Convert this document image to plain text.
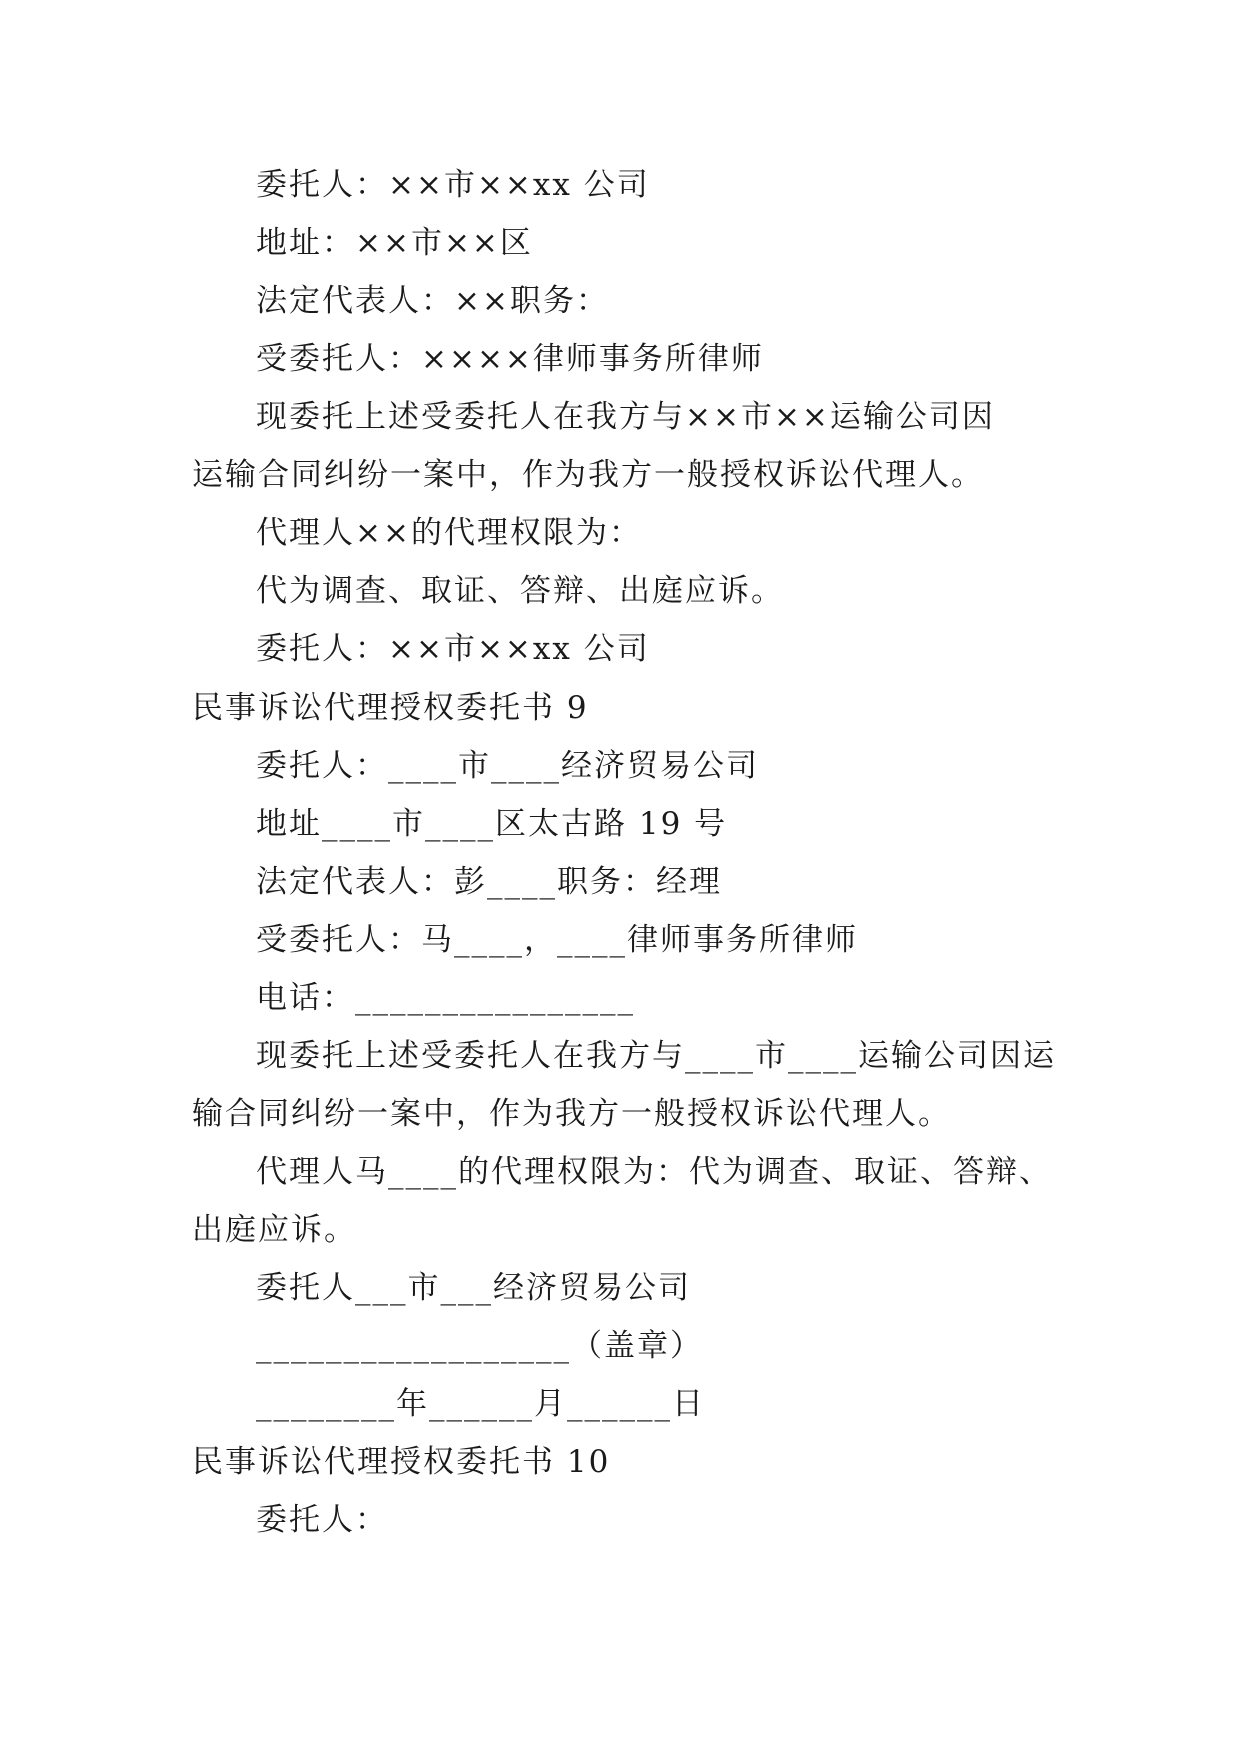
委托人：××市××xx 公司
地址：××市××区
法定代表人：××职务：
受委托人：××××律师事务所律师
现委托上述受委托人在我方与××市××运输公司因
运输合同纠纷一案中，作为我方一般授权诉讼代理人。
代理人××的代理权限为：
代为调查、取证、答辩、出庭应诉。
委托人：××市××xx 公司
民事诉讼代理授权委托书 9
委托人：____市____经济贸易公司
地址____市____区太古路 19 号
法定代表人：彭____职务：经理
受委托人：马____，____律师事务所律师
电话：________________
现委托上述受委托人在我方与____市____运输公司因运
输合同纠纷一案中，作为我方一般授权诉讼代理人。
代理人马____的代理权限为：代为调查、取证、答辩、
出庭应诉。
委托人___市___经济贸易公司
__________________（盖章）
________年______月______日
民事诉讼代理授权委托书 10
委托人：
